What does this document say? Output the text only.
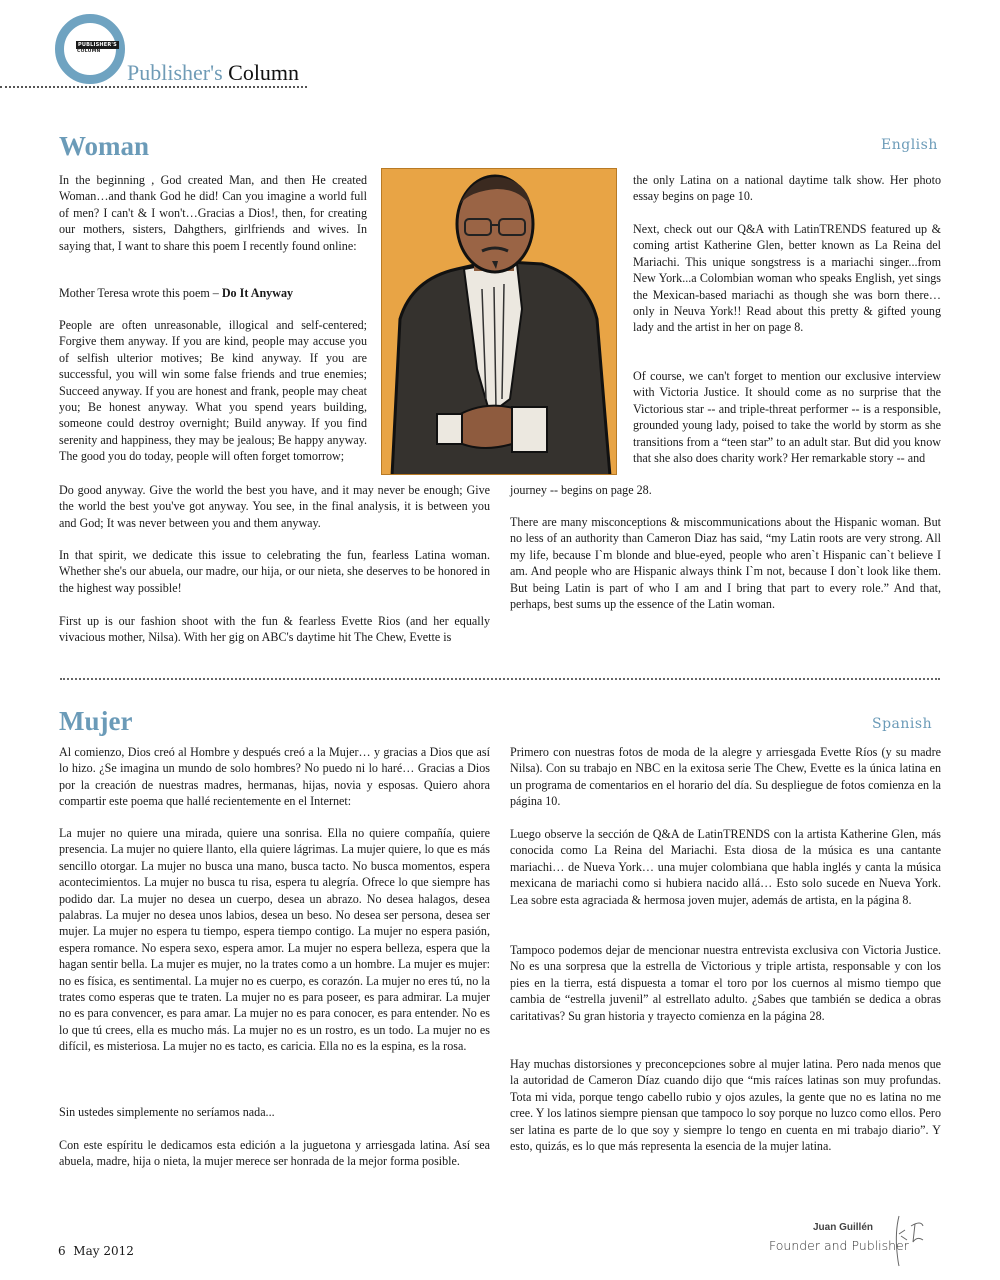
PUBLISHER'S
COLUMN
Publisher's Column
Woman	English

In the beginning , God created Man, and then He created Woman…and thank God he did! Can you imagine a world full of men? I can't & I won't…Gracias a Dios!, then, for creating our mothers, sisters, Dahgthers, girlfriends and wives. In saying that, I want to share this poem I recently found online:

Mother Teresa wrote this poem – Do It Anyway

People are often unreasonable, illogical and self-centered; Forgive them anyway. If you are kind, people may accuse you of selfish ulterior motives; Be kind anyway. If you are successful, you will win some false friends and true enemies; Succeed anyway. If you are honest and frank, people may cheat you; Be honest anyway. What you spend years building, someone could destroy overnight; Build anyway. If you find serenity and happiness, they may be jealous; Be happy anyway. The good you do today, people will often forget tomorrow;

Do good anyway. Give the world the best you have, and it may never be enough; Give the world the best you've got anyway. You see, in the final analysis, it is between you and God; It was never between you and them anyway.

In that spirit, we dedicate this issue to celebrating the fun, fearless Latina woman. Whether she's our abuela, our madre, our hija, or our nieta, she deserves to be honored in the highest way possible!

First up is our fashion shoot with the fun & fearless Evette Rios (and her equally vivacious mother, Nilsa). With her gig on ABC's daytime hit The Chew, Evette is

the only Latina on a national daytime talk show. Her photo essay begins on page 10.

Next, check out our Q&A with LatinTRENDS featured up & coming artist Katherine Glen, better known as La Reina del Mariachi. This unique songstress is a mariachi singer...from New York...a Colombian woman who speaks English, yet sings the Mexican-based mariachi as though she was born there…only in Neuva York!! Read about this pretty & gifted young lady and the artist in her on page 8.

Of course, we can't forget to mention our exclusive interview with Victoria Justice. It should come as no surprise that the Victorious star -- and triple-threat performer -- is a responsible, grounded young lady, poised to take the world by storm as she transitions from a “teen star” to an adult star. But did you know that she also does charity work? Her remarkable story -- and

journey -- begins on page 28.

There are many misconceptions & miscommunications about the Hispanic woman. But no less of an authority than Cameron Diaz has said, “my Latin roots are very strong. All my life, because I`m blonde and blue-eyed, people who aren`t Hispanic can`t believe I am. And people who are Hispanic always think I`m not, because I don`t look like them. But being Latin is part of who I am and I bring that part to every role.” And that, perhaps, best sums up the essence of the Latin woman.

Mujer	Spanish

Al comienzo, Dios creó al Hombre y después creó a la Mujer… y gracias a Dios que así lo hizo. ¿Se imagina un mundo de solo hombres? No puedo ni lo haré… Gracias a Dios por la creación de nuestras madres, hermanas, hijas, novia y esposas. Quiero ahora compartir este poema que hallé recientemente en el Internet:

La mujer no quiere una mirada, quiere una sonrisa. Ella no quiere compañía, quiere presencia. La mujer no quiere llanto, ella quiere lágrimas. La mujer quiere, lo que es más sencillo otorgar. La mujer no busca una mano, busca tacto. No busca momentos, espera acontecimientos. La mujer no busca tu risa, espera tu alegría. Ofrece lo que siempre has podido dar. La mujer no desea un cuerpo, desea un abrazo. No desea halagos, desea palabras. La mujer no desea unos labios, desea un beso. No desea ser persona, desea ser mujer. La mujer no espera tu tiempo, espera tiempo contigo. La mujer no espera pasión, espera romance. No espera sexo, espera amor. La mujer no espera belleza, espera que la hagan sentir bella. La mujer es mujer, no la trates como a un hombre. La mujer es mujer: no es física, es sentimental. La mujer no es cuerpo, es corazón. La mujer no eres tú, no la trates como esperas que te traten. La mujer no es para poseer, es para admirar. La mujer no es para convencer, es para amar. La mujer no es para conocer, es para entender. No es lo que tú crees, ella es mucho más. La mujer no es un rostro, es un todo. La mujer no es difícil, es misteriosa. La mujer no es tacto, es caricia. Ella no es la espina, es la rosa.

Sin ustedes simplemente no seríamos nada...

Con este espíritu le dedicamos esta edición a la juguetona y arriesgada latina. Así sea abuela, madre, hija o nieta, la mujer merece ser honrada de la mejor forma posible.

Primero con nuestras fotos de moda de la alegre y arriesgada Evette Ríos (y su madre Nilsa). Con su trabajo en NBC en la exitosa serie The Chew, Evette es la única latina en un programa de comentarios en el horario del día. Su despliegue de fotos comienza en la página 10.

Luego observe la sección de Q&A de LatinTRENDS con la artista Katherine Glen, más conocida como La Reina del Mariachi. Esta diosa de la música es una cantante mariachi… de Nueva York… una mujer colombiana que habla inglés y canta la música mexicana de mariachi como si hubiera nacido allá… Esto solo sucede en Nueva York. Lea sobre esta agraciada & hermosa joven mujer, además de artista, en la página 8.

Tampoco podemos dejar de mencionar nuestra entrevista exclusiva con Victoria Justice. No es una sorpresa que la estrella de Victorious y triple artista, responsable y con los pies en la tierra, está dispuesta a tomar el toro por los cuernos al mismo tiempo que cambia de “estrella juvenil” al estrellato adulto. ¿Sabes que también se dedica a obras caritativas? Su gran historia y trayecto comienza en la página 28.

Hay muchas distorsiones y preconcepciones sobre al mujer latina. Pero nada menos que la autoridad de Cameron Díaz cuando dijo que “mis raíces latinas son muy profundas. Tota mi vida, porque tengo cabello rubio y ojos azules, la gente que no es latina no me cree. Y los latinos siempre piensan que tampoco lo soy porque no luzco como ellos. Pero ser latina es parte de lo que soy y siempre lo tengo en cuenta en mi trabajo diario”. Y esto, quizás, es lo que más representa la esencia de la mujer latina.

6 May 2012
Juan Guillén
Founder and Publisher
